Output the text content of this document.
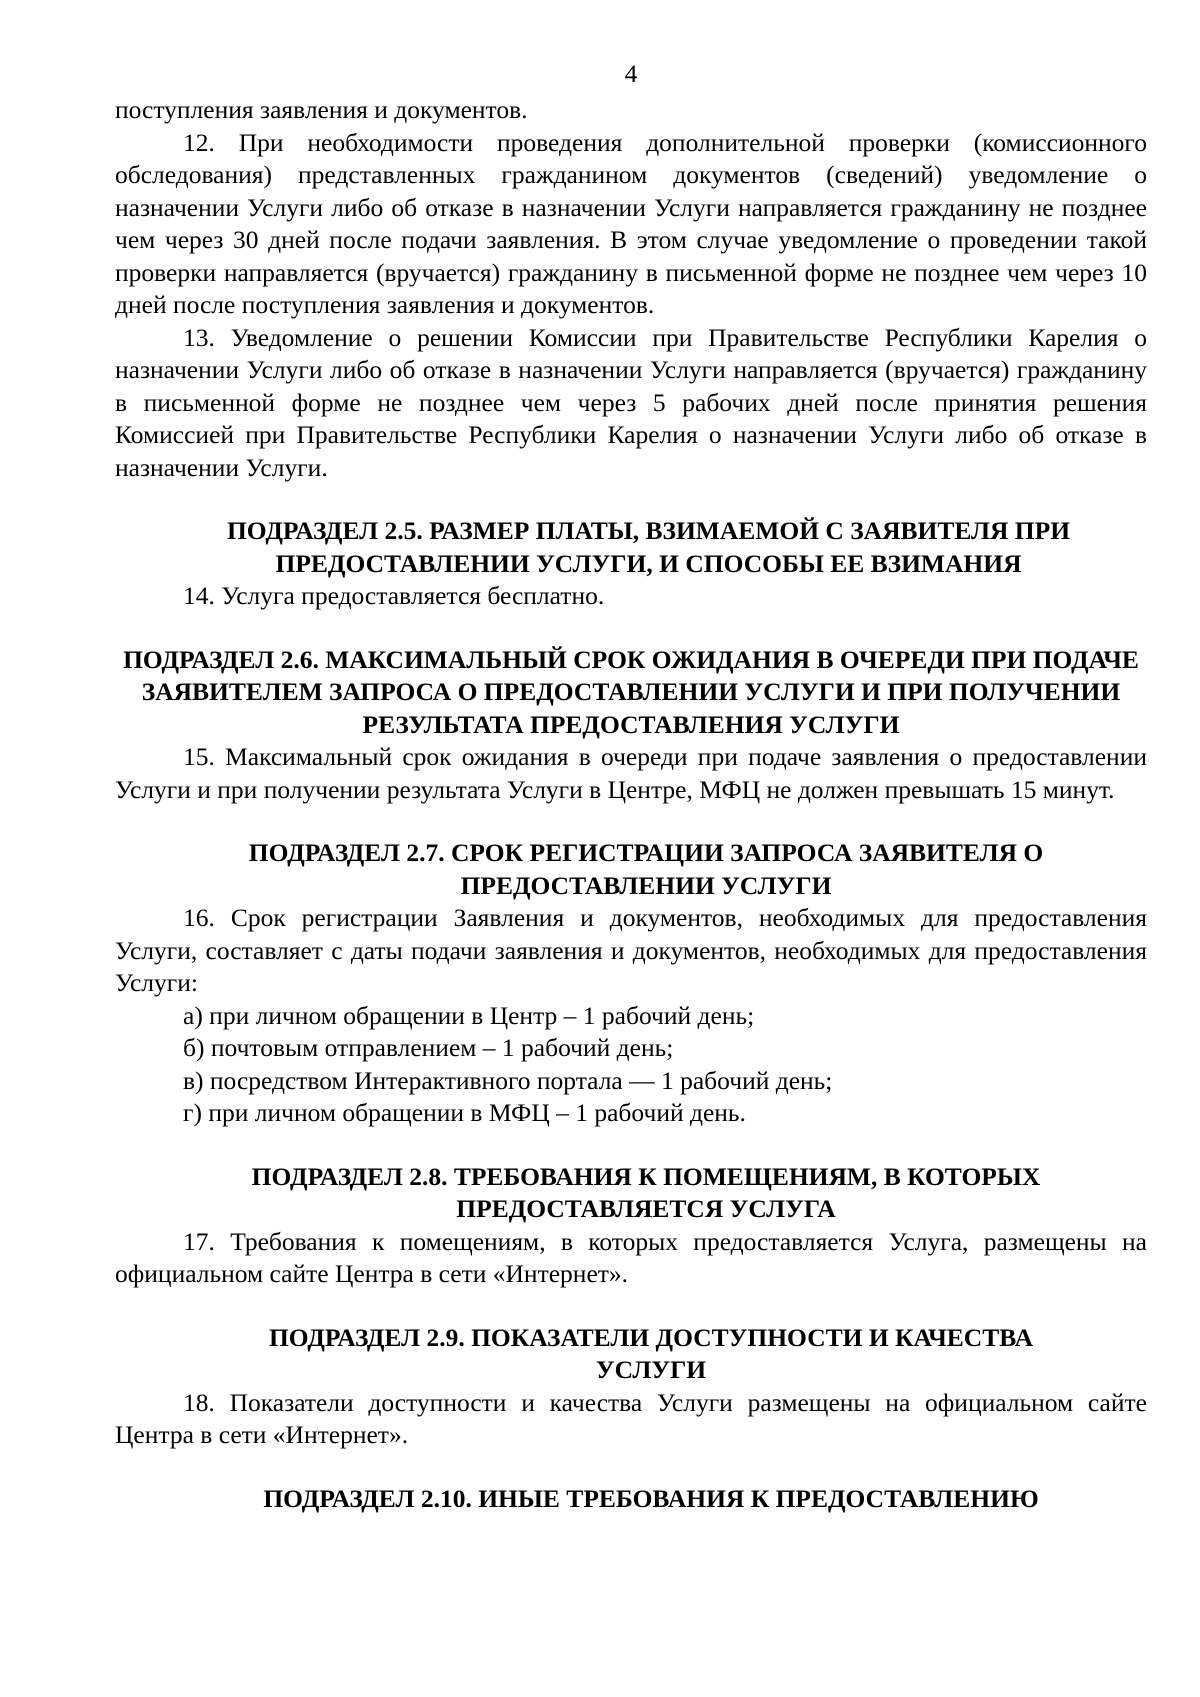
4

поступления заявления и документов.

12. При необходимости проведения дополнительной проверки (комиссионного обследования) представленных гражданином документов (сведений) уведомление о назначении Услуги либо об отказе в назначении Услуги направляется гражданину не позднее чем через 30 дней после подачи заявления. В этом случае уведомление о проведении такой проверки направляется (вручается) гражданину в письменной форме не позднее чем через 10 дней после поступления заявления и документов.

13. Уведомление о решении Комиссии при Правительстве Республики Карелия о назначении Услуги либо об отказе в назначении Услуги направляется (вручается) гражданину в письменной форме не позднее чем через 5 рабочих дней после принятия решения Комиссией при Правительстве Республики Карелия о назначении Услуги либо об отказе в назначении Услуги.

ПОДРАЗДЕЛ 2.5. РАЗМЕР ПЛАТЫ, ВЗИМАЕМОЙ С ЗАЯВИТЕЛЯ ПРИ ПРЕДОСТАВЛЕНИИ УСЛУГИ, И СПОСОБЫ ЕЕ ВЗИМАНИЯ

14. Услуга предоставляется бесплатно.

ПОДРАЗДЕЛ 2.6. МАКСИМАЛЬНЫЙ СРОК ОЖИДАНИЯ В ОЧЕРЕДИ ПРИ ПОДАЧЕ ЗАЯВИТЕЛЕМ ЗАПРОСА О ПРЕДОСТАВЛЕНИИ УСЛУГИ И ПРИ ПОЛУЧЕНИИ РЕЗУЛЬТАТА ПРЕДОСТАВЛЕНИЯ УСЛУГИ

15. Максимальный срок ожидания в очереди при подаче заявления о предоставлении Услуги и при получении результата Услуги в Центре, МФЦ не должен превышать 15 минут.

ПОДРАЗДЕЛ 2.7. СРОК РЕГИСТРАЦИИ ЗАПРОСА ЗАЯВИТЕЛЯ О ПРЕДОСТАВЛЕНИИ УСЛУГИ

16. Срок регистрации Заявления и документов, необходимых для предоставления Услуги, составляет с даты подачи заявления и документов, необходимых для предоставления Услуги:

а) при личном обращении в Центр – 1 рабочий день;

б) почтовым отправлением – 1 рабочий день;

в) посредством Интерактивного портала — 1 рабочий день;

г) при личном обращении в МФЦ – 1 рабочий день.

ПОДРАЗДЕЛ 2.8. ТРЕБОВАНИЯ К ПОМЕЩЕНИЯМ, В КОТОРЫХ ПРЕДОСТАВЛЯЕТСЯ УСЛУГА

17. Требования к помещениям, в которых предоставляется Услуга, размещены на официальном сайте Центра в сети «Интернет».

ПОДРАЗДЕЛ 2.9. ПОКАЗАТЕЛИ ДОСТУПНОСТИ И КАЧЕСТВА УСЛУГИ

18. Показатели доступности и качества Услуги размещены на официальном сайте Центра в сети «Интернет».

ПОДРАЗДЕЛ 2.10. ИНЫЕ ТРЕБОВАНИЯ К ПРЕДОСТАВЛЕНИЮ
